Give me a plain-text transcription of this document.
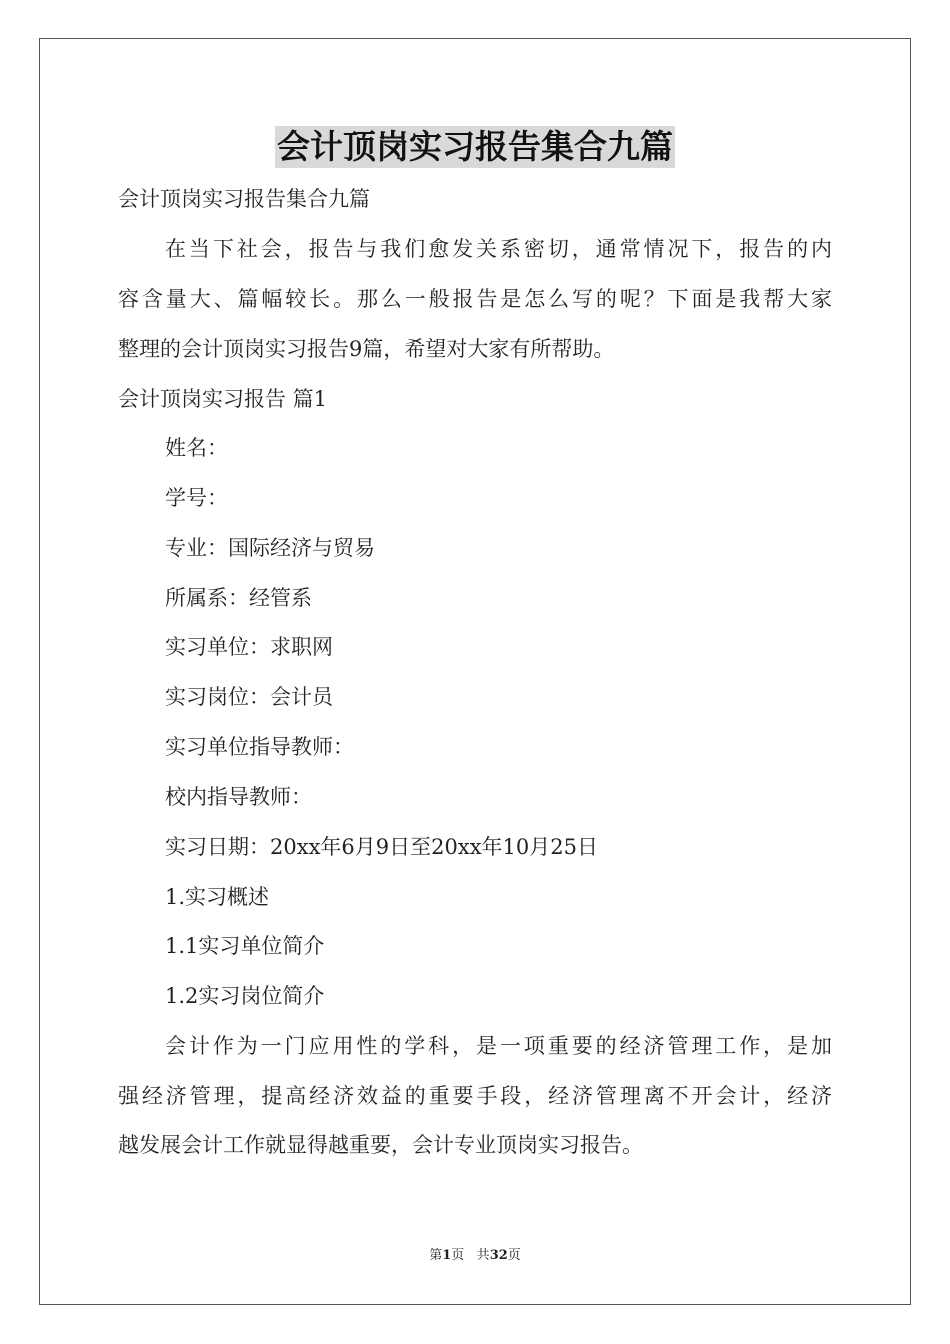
会计顶岗实习报告集合九篇
会计顶岗实习报告集合九篇
在当下社会，报告与我们愈发关系密切，通常情况下，报告的内
容含量大、篇幅较长。那么一般报告是怎么写的呢？下面是我帮大家
整理的会计顶岗实习报告9篇，希望对大家有所帮助。
会计顶岗实习报告 篇1
姓名：
学号：
专业：国际经济与贸易
所属系：经管系
实习单位：求职网
实习岗位：会计员
实习单位指导教师：
校内指导教师：
实习日期：20xx年6月9日至20xx年10月25日
1.实习概述
1.1实习单位简介
1.2实习岗位简介
会计作为一门应用性的学科，是一项重要的经济管理工作，是加
强经济管理，提高经济效益的重要手段，经济管理离不开会计，经济
越发展会计工作就显得越重要，会计专业顶岗实习报告。
第1页 共32页
